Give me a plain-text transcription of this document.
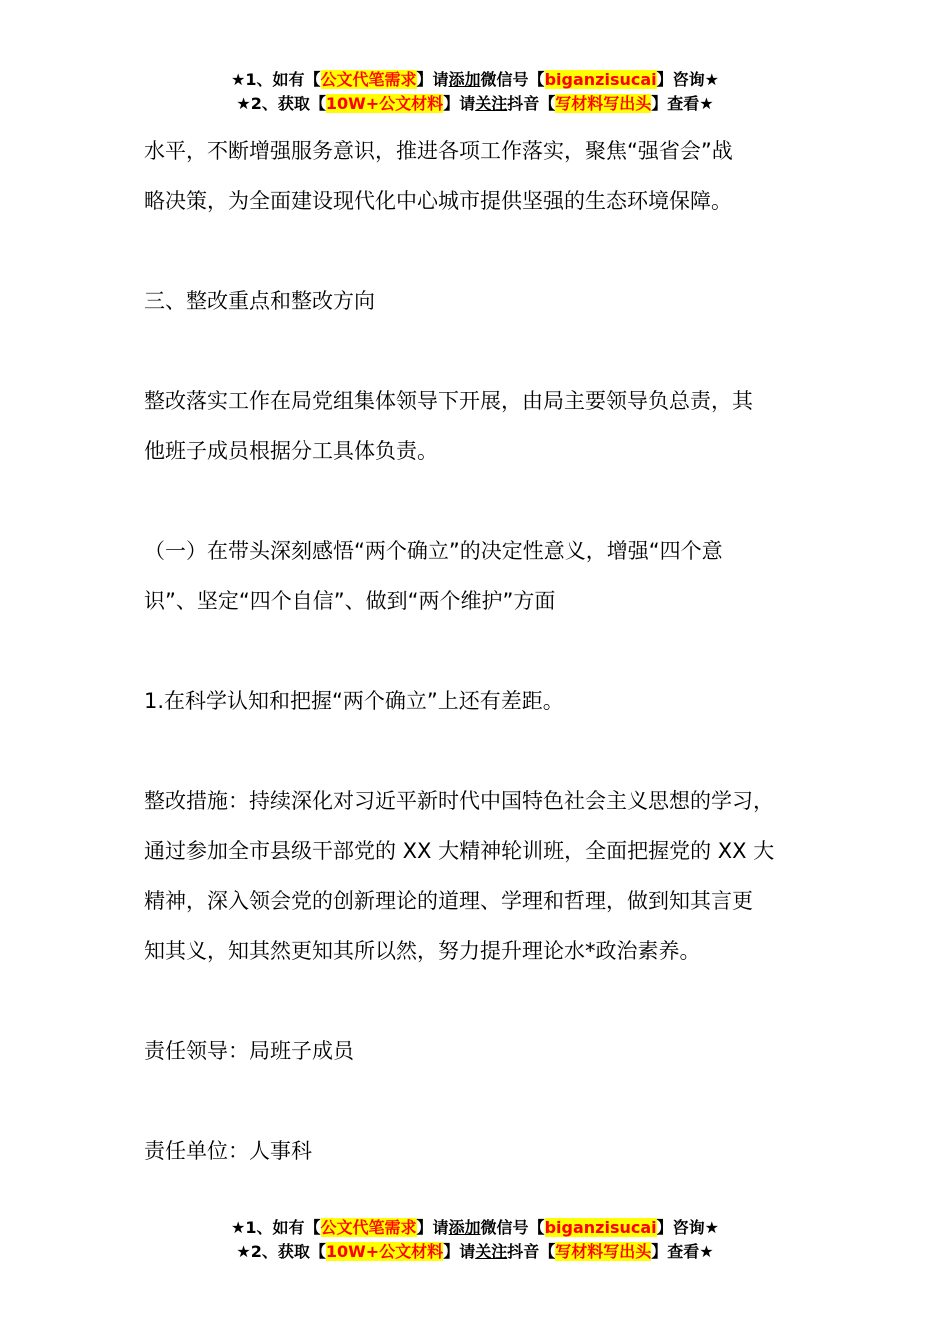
★1、如有【公文代笔需求】请添加微信号【biganzisucai】咨询★
★2、获取【10W+公文材料】请关注抖音【写材料写出头】查看★

水平，不断增强服务意识，推进各项工作落实，聚焦“强省会”战
略决策，为全面建设现代化中心城市提供坚强的生态环境保障。

三、整改重点和整改方向

整改落实工作在局党组集体领导下开展，由局主要领导负总责，其
他班子成员根据分工具体负责。

（一）在带头深刻感悟“两个确立”的决定性意义，增强“四个意
识”、坚定“四个自信”、做到“两个维护”方面

1.在科学认知和把握“两个确立”上还有差距。

整改措施：持续深化对习近平新时代中国特色社会主义思想的学习，
通过参加全市县级干部党的 XX 大精神轮训班，全面把握党的 XX 大
精神，深入领会党的创新理论的道理、学理和哲理，做到知其言更
知其义，知其然更知其所以然，努力提升理论水*政治素养。

责任领导：局班子成员

责任单位：人事科

★1、如有【公文代笔需求】请添加微信号【biganzisucai】咨询★
★2、获取【10W+公文材料】请关注抖音【写材料写出头】查看★
